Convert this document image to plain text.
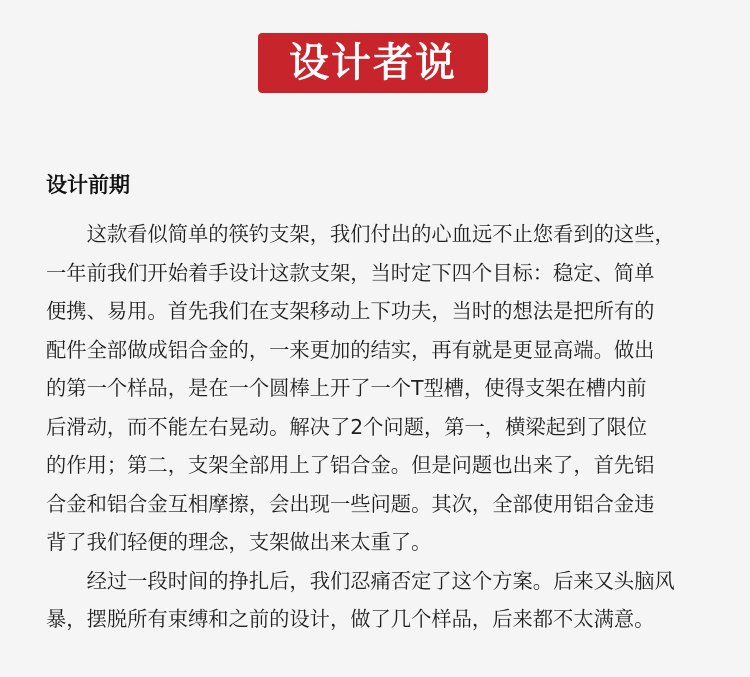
设计者说
设计前期

这款看似简单的筷钓支架，我们付出的心血远不止您看到的这些，
一年前我们开始着手设计这款支架，当时定下四个目标：稳定、简单
便携、易用。首先我们在支架移动上下功夫，当时的想法是把所有的
配件全部做成铝合金的，一来更加的结实，再有就是更显高端。做出
的第一个样品，是在一个圆棒上开了一个T型槽，使得支架在槽内前
后滑动，而不能左右晃动。解决了2个问题，第一，横梁起到了限位
的作用；第二，支架全部用上了铝合金。但是问题也出来了，首先铝
合金和铝合金互相摩擦，会出现一些问题。其次，全部使用铝合金违
背了我们轻便的理念，支架做出来太重了。

经过一段时间的挣扎后，我们忍痛否定了这个方案。后来又头脑风
暴，摆脱所有束缚和之前的设计，做了几个样品，后来都不太满意。
